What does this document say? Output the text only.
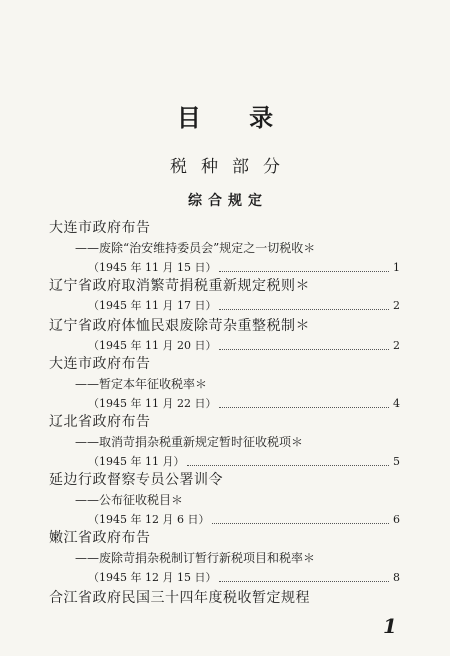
目 录
税种部分
综合规定
大连市政府布告
——废除“治安维持委员会”规定之一切税收＊
（1945 年 11 月 15 日）	1
辽宁省政府取消繁苛捐税重新规定税则＊
（1945 年 11 月 17 日）	2
辽宁省政府体恤民艰废除苛杂重整税制＊
（1945 年 11 月 20 日）	2
大连市政府布告
——暂定本年征收税率＊
（1945 年 11 月 22 日）	4
辽北省政府布告
——取消苛捐杂税重新规定暂时征收税项＊
（1945 年 11 月）	5
延边行政督察专员公署训令
——公布征收税目＊
（1945 年 12 月 6 日）	6
嫩江省政府布告
——废除苛捐杂税制订暂行新税项目和税率＊
（1945 年 12 月 15 日）	8
合江省政府民国三十四年度税收暂定规程
1
